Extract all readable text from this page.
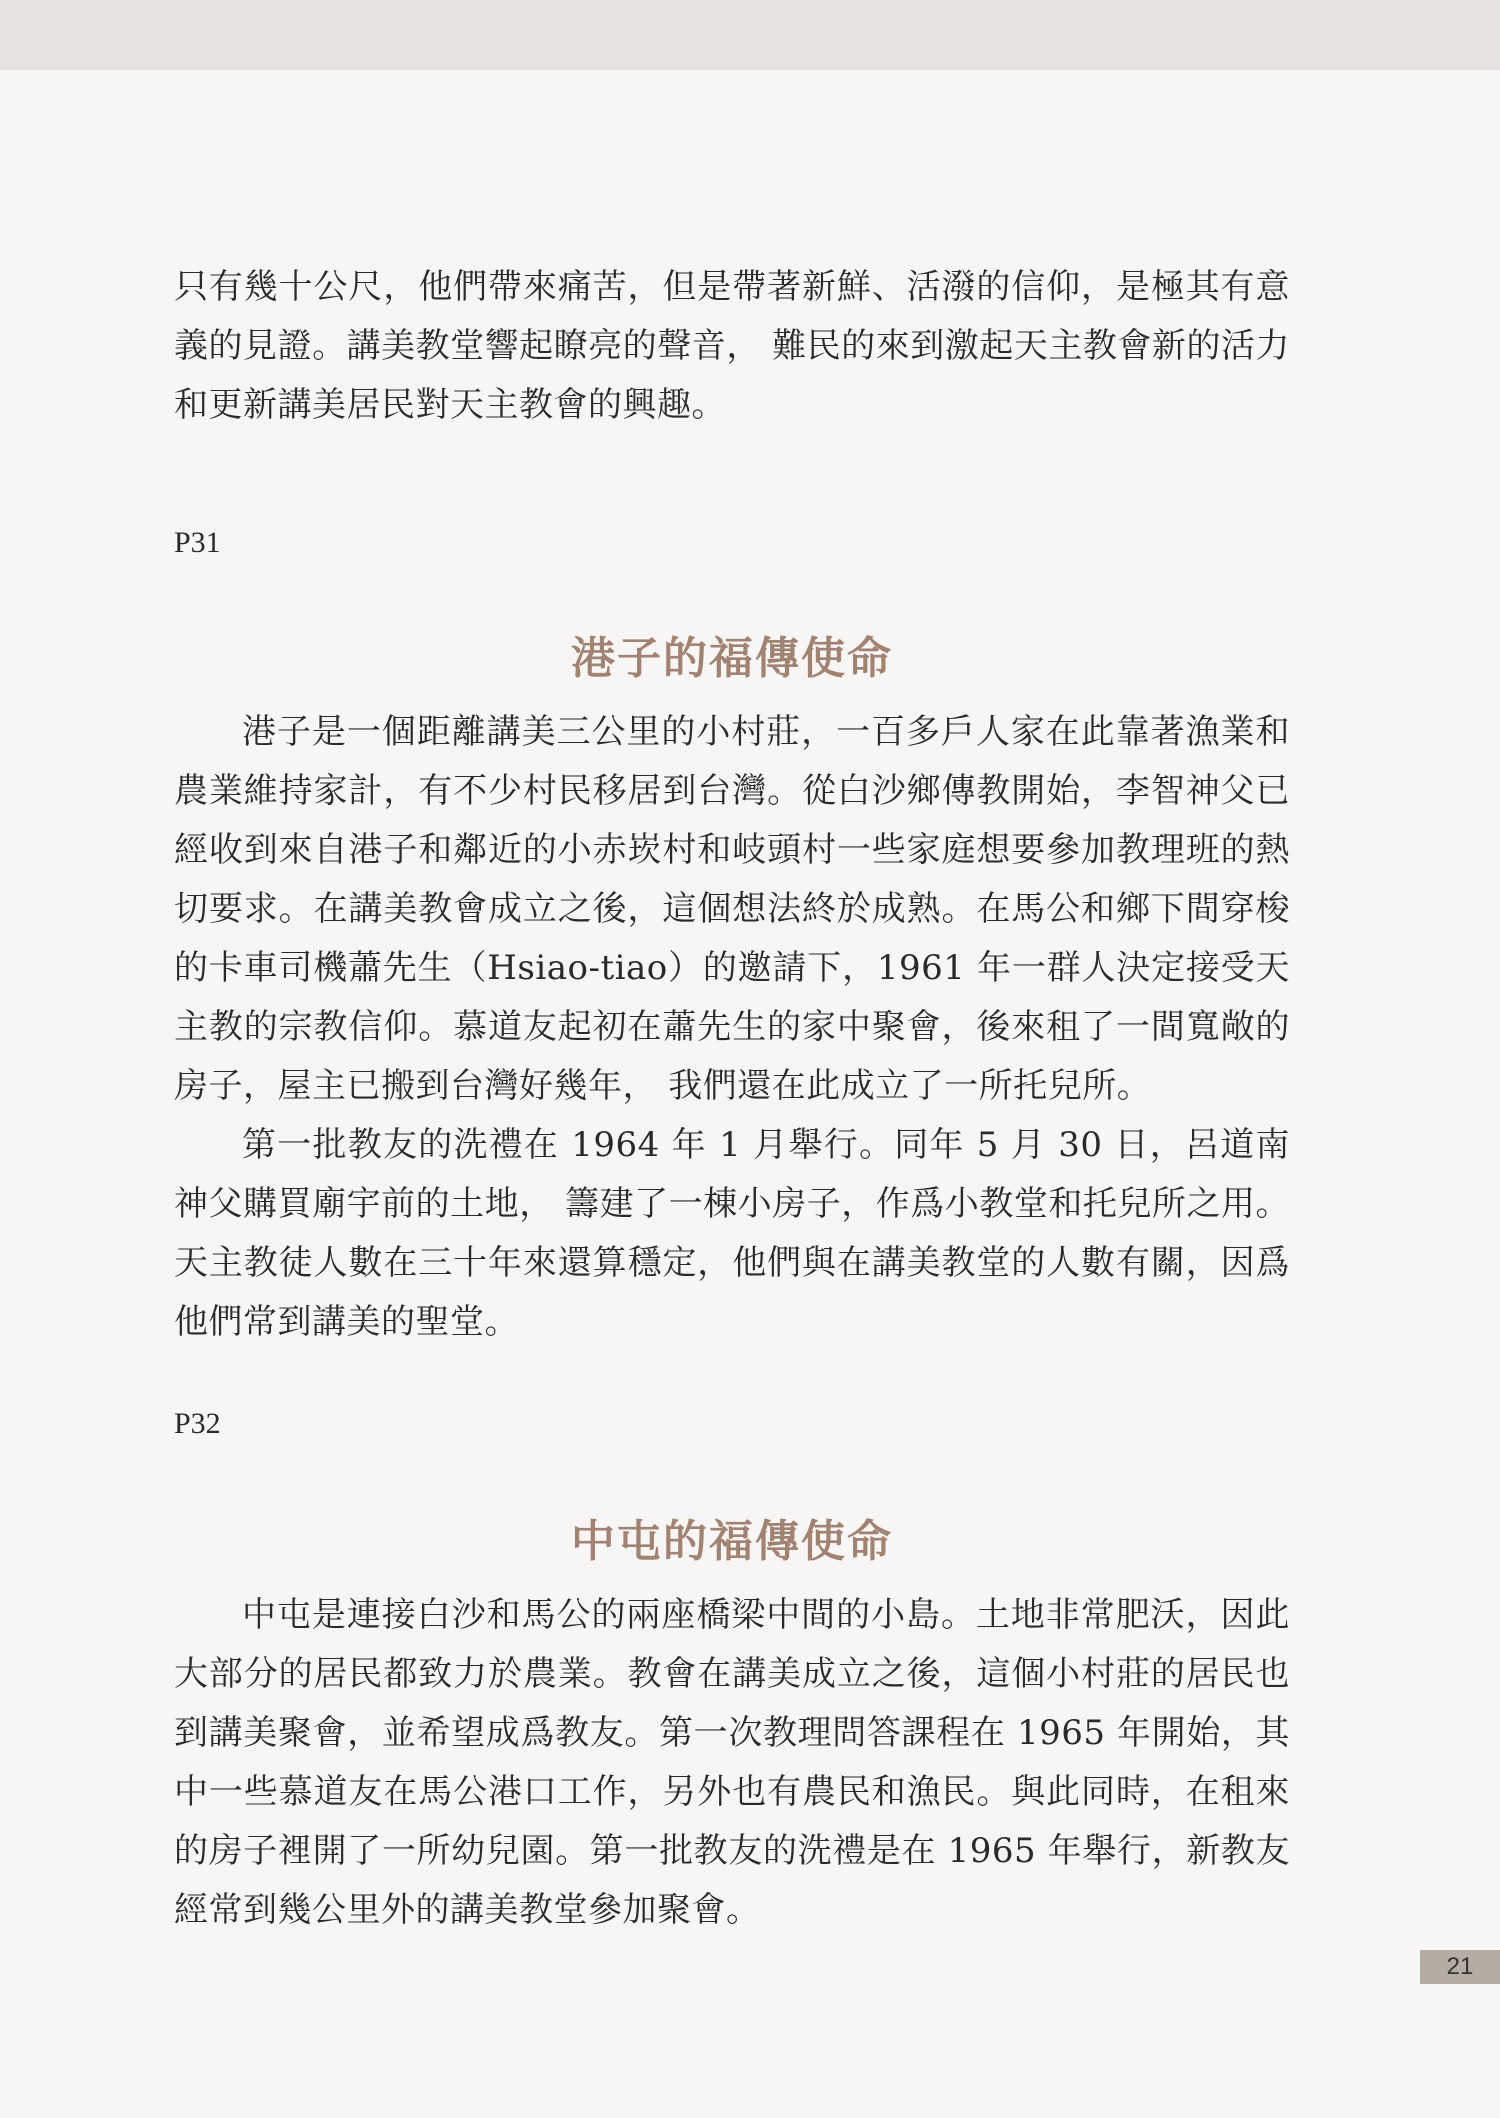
只有幾十公尺，他們帶來痛苦，但是帶著新鮮、活潑的信仰，是極其有意義的見證。講美教堂響起瞭亮的聲音， 難民的來到激起天主教會新的活力和更新講美居民對天主教會的興趣。

P31

港子的福傳使命

港子是一個距離講美三公里的小村莊，一百多戶人家在此靠著漁業和農業維持家計，有不少村民移居到台灣。從白沙鄉傳教開始，李智神父已經收到來自港子和鄰近的小赤崁村和岐頭村一些家庭想要參加教理班的熱切要求。在講美教會成立之後，這個想法終於成熟。在馬公和鄉下間穿梭的卡車司機蕭先生（Hsiao-tiao）的邀請下，1961 年一群人決定接受天主教的宗教信仰。慕道友起初在蕭先生的家中聚會，後來租了一間寬敞的房子，屋主已搬到台灣好幾年， 我們還在此成立了一所托兒所。

第一批教友的洗禮在 1964 年 1 月舉行。同年 5 月 30 日，呂道南神父購買廟宇前的土地， 籌建了一棟小房子，作爲小教堂和托兒所之用。天主教徒人數在三十年來還算穩定，他們與在講美教堂的人數有關，因爲他們常到講美的聖堂。

P32

中屯的福傳使命

中屯是連接白沙和馬公的兩座橋梁中間的小島。土地非常肥沃，因此大部分的居民都致力於農業。教會在講美成立之後，這個小村莊的居民也到講美聚會，並希望成爲教友。第一次教理問答課程在 1965 年開始，其中一些慕道友在馬公港口工作，另外也有農民和漁民。與此同時，在租來的房子裡開了一所幼兒園。第一批教友的洗禮是在 1965 年舉行，新教友經常到幾公里外的講美教堂參加聚會。

21
